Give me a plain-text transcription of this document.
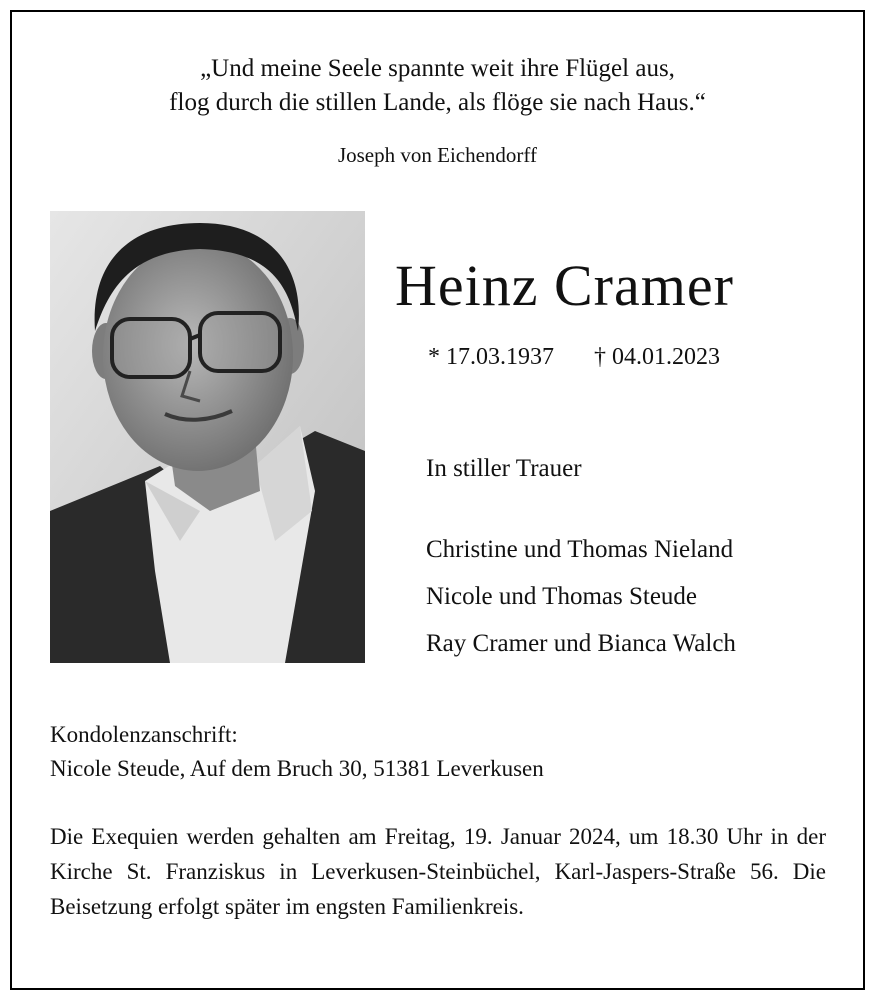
„Und meine Seele spannte weit ihre Flügel aus,
flog durch die stillen Lande, als flöge sie nach Haus.“
Joseph von Eichendorff
Heinz Cramer
* 17.03.1937 † 04.01.2023
In stiller Trauer
Christine und Thomas Nieland
Nicole und Thomas Steude
Ray Cramer und Bianca Walch
Kondolenzanschrift:
Nicole Steude, Auf dem Bruch 30, 51381 Leverkusen
Die Exequien werden gehalten am Freitag, 19. Januar 2024, um 18.30 Uhr in der Kirche St. Franziskus in Leverkusen-Steinbüchel, Karl-Jaspers-Straße 56. Die Beisetzung erfolgt später im engsten Familienkreis.
